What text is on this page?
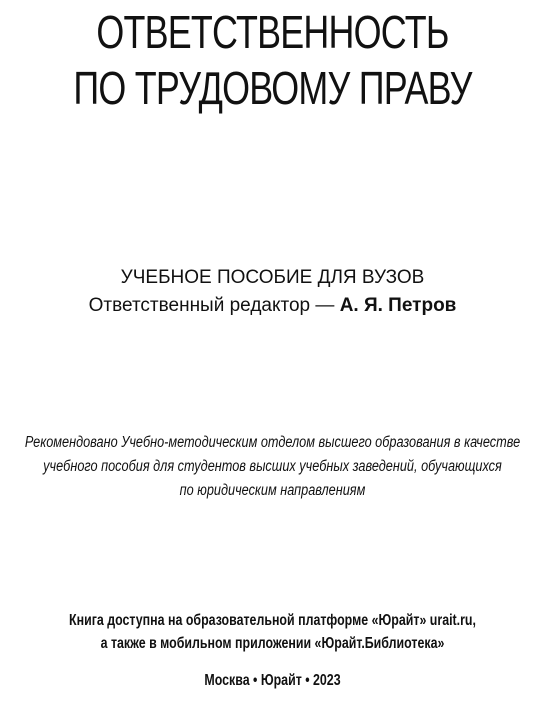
ОТВЕТСТВЕННОСТЬ
ПО ТРУДОВОМУ ПРАВУ
УЧЕБНОЕ ПОСОБИЕ ДЛЯ ВУЗОВ
Ответственный редактор — А. Я. Петров
Рекомендовано Учебно-методическим отделом высшего образования в качестве
учебного пособия для студентов высших учебных заведений, обучающихся
по юридическим направлениям
Книга доступна на образовательной платформе «Юрайт» urait.ru,
а также в мобильном приложении «Юрайт.Библиотека»
Москва • Юрайт • 2023
